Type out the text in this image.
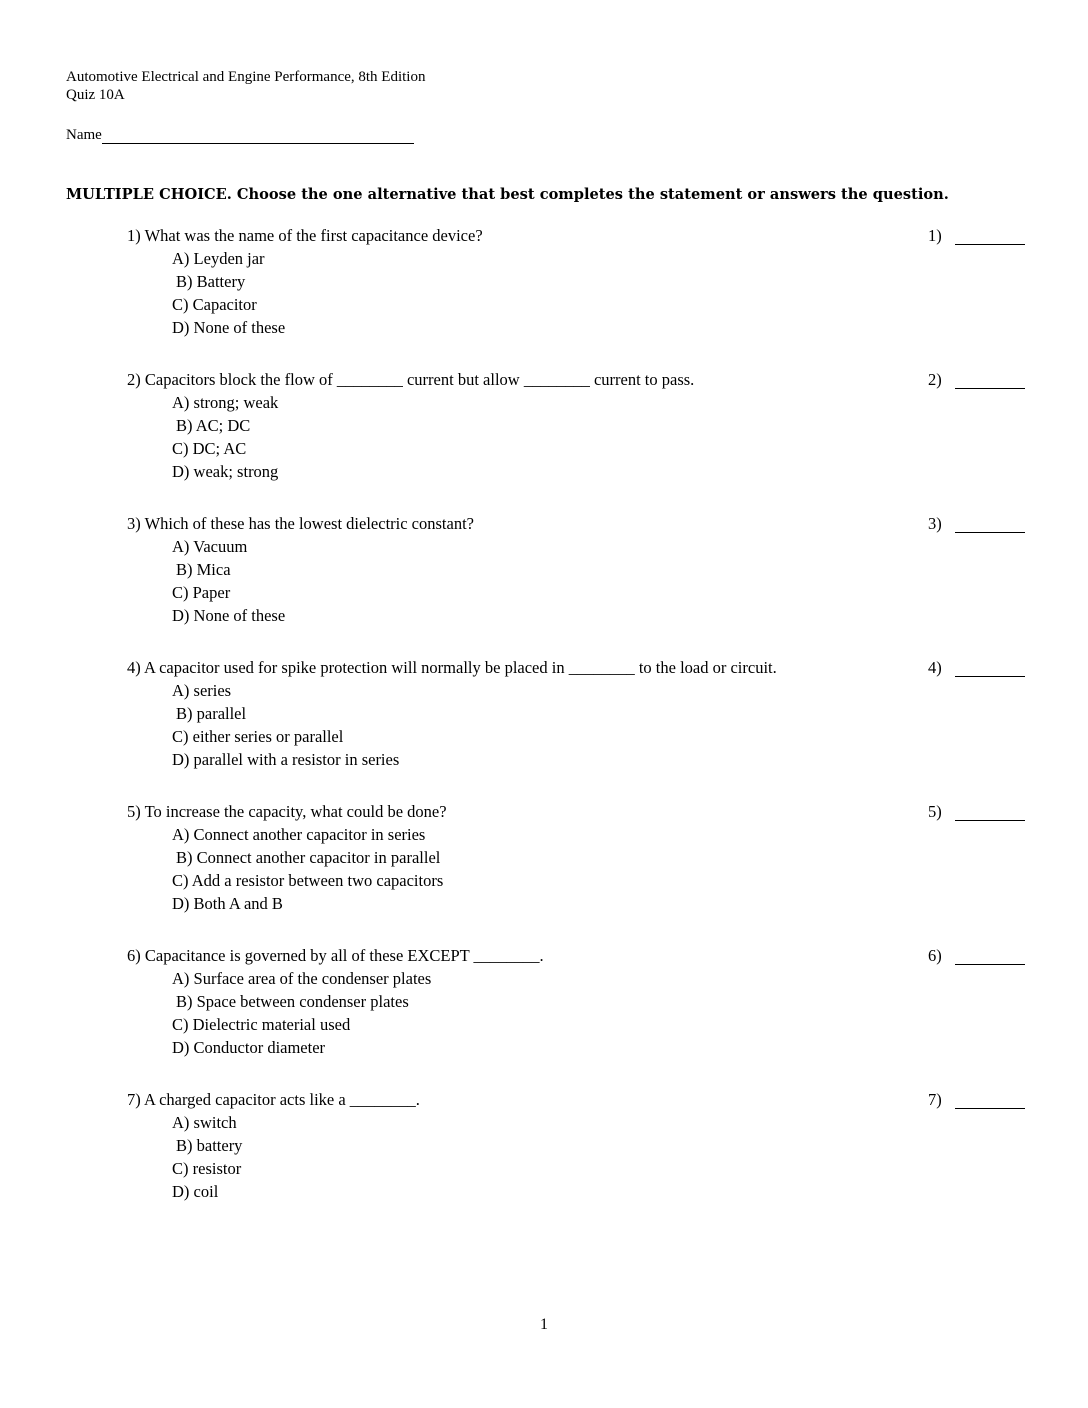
Automotive Electrical and Engine Performance, 8th Edition
Quiz 10A
Name
MULTIPLE CHOICE. Choose the one alternative that best completes the statement or answers the question.
1) What was the name of the first capacitance device?
A) Leyden jar
B) Battery
C) Capacitor
D) None of these
1)
2) Capacitors block the flow of ________ current but allow ________ current to pass.
A) strong; weak
B) AC; DC
C) DC; AC
D) weak; strong
2)
3) Which of these has the lowest dielectric constant?
A) Vacuum
B) Mica
C) Paper
D) None of these
3)
4) A capacitor used for spike protection will normally be placed in ________ to the load or circuit.
A) series
B) parallel
C) either series or parallel
D) parallel with a resistor in series
4)
5) To increase the capacity, what could be done?
A) Connect another capacitor in series
B) Connect another capacitor in parallel
C) Add a resistor between two capacitors
D) Both A and B
5)
6) Capacitance is governed by all of these EXCEPT ________.
A) Surface area of the condenser plates
B) Space between condenser plates
C) Dielectric material used
D) Conductor diameter
6)
7) A charged capacitor acts like a ________.
A) switch
B) battery
C) resistor
D) coil
7)
1
